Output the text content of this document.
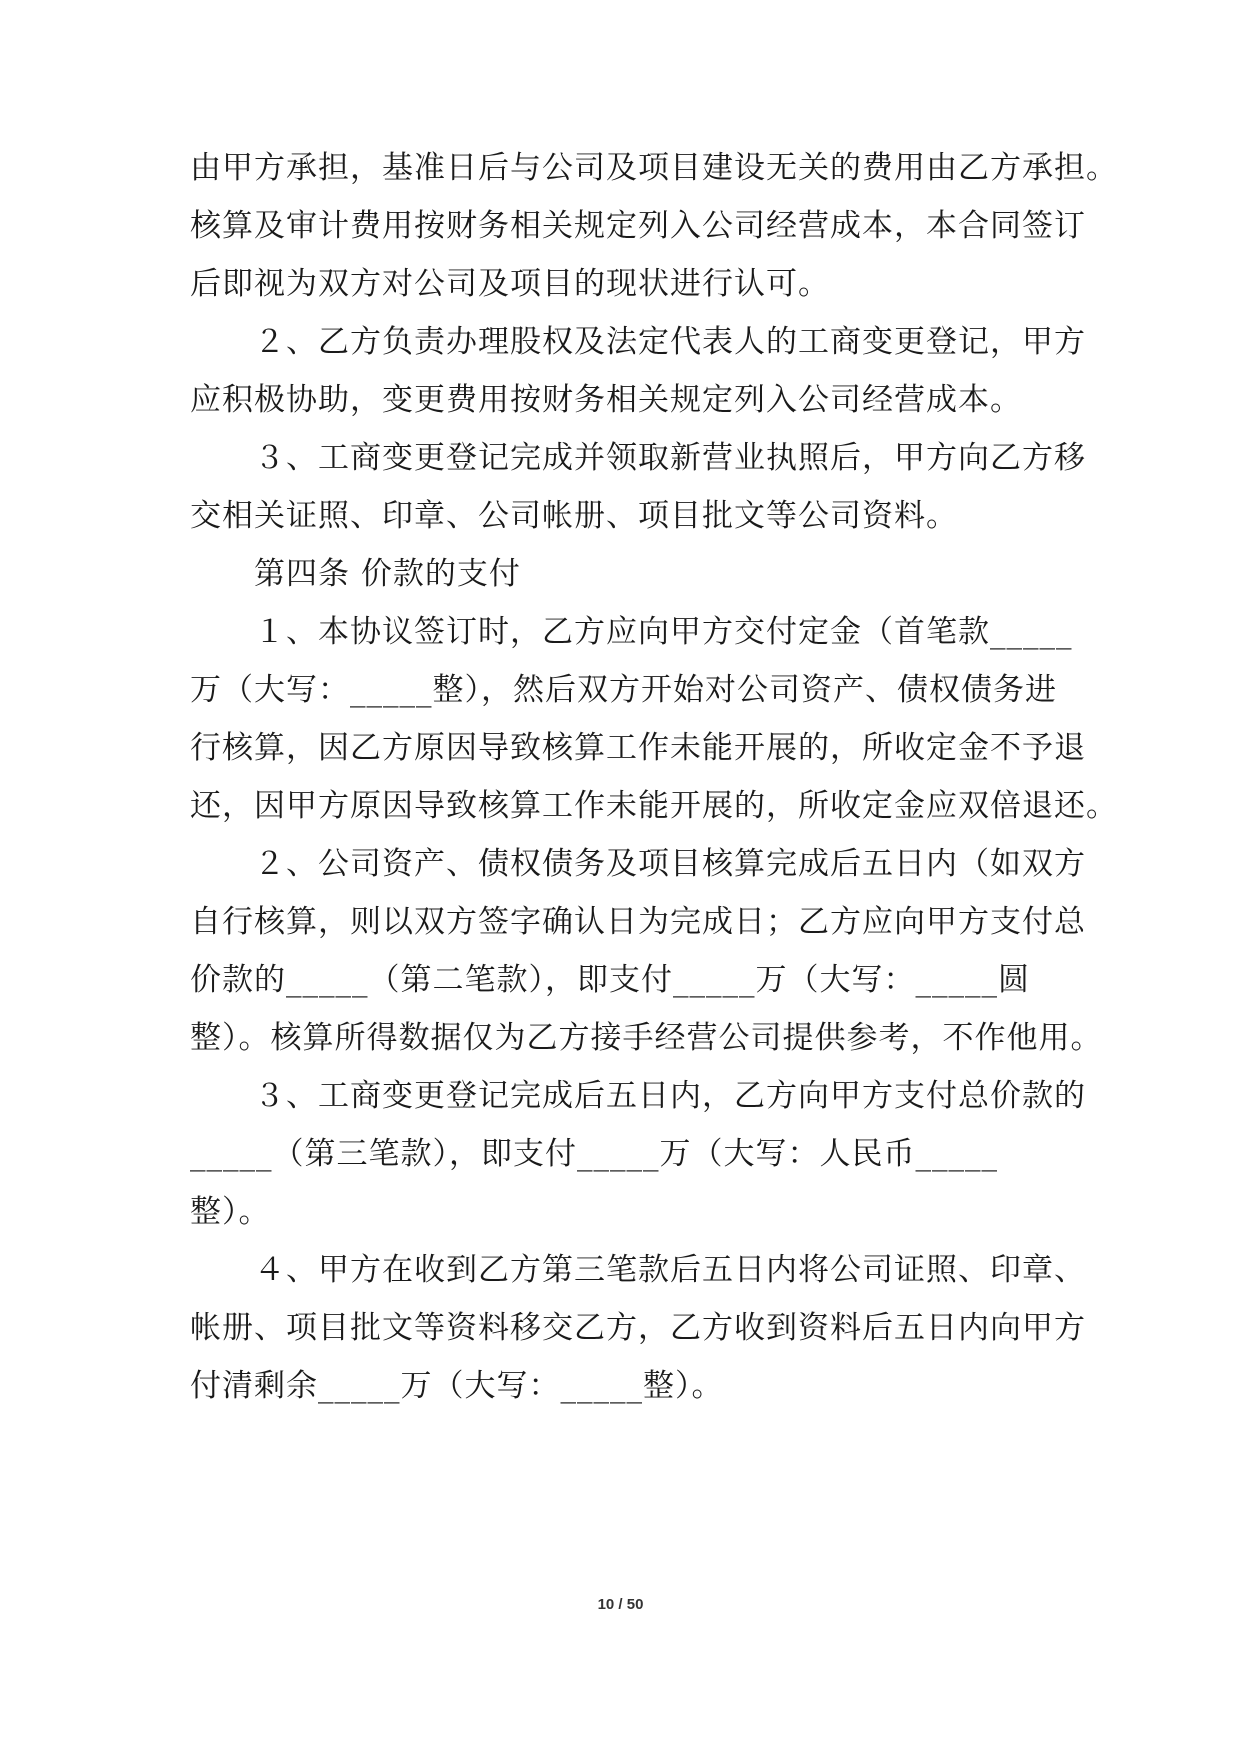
由甲方承担，基准日后与公司及项目建设无关的费用由乙方承担。
核算及审计费用按财务相关规定列入公司经营成本，本合同签订
后即视为双方对公司及项目的现状进行认可。
２、乙方负责办理股权及法定代表人的工商变更登记，甲方
应积极协助，变更费用按财务相关规定列入公司经营成本。
３、工商变更登记完成并领取新营业执照后，甲方向乙方移
交相关证照、印章、公司帐册、项目批文等公司资料。
第四条 价款的支付
１、本协议签订时，乙方应向甲方交付定金（首笔款_____
万（大写：_____整），然后双方开始对公司资产、债权债务进
行核算，因乙方原因导致核算工作未能开展的，所收定金不予退
还，因甲方原因导致核算工作未能开展的，所收定金应双倍退还。
２、公司资产、债权债务及项目核算完成后五日内（如双方
自行核算，则以双方签字确认日为完成日；乙方应向甲方支付总
价款的_____（第二笔款），即支付_____万（大写：_____圆
整）。核算所得数据仅为乙方接手经营公司提供参考，不作他用。
３、工商变更登记完成后五日内，乙方向甲方支付总价款的
_____（第三笔款），即支付_____万（大写：人民币_____
整）。
４、甲方在收到乙方第三笔款后五日内将公司证照、印章、
帐册、项目批文等资料移交乙方，乙方收到资料后五日内向甲方
付清剩余_____万（大写：_____整）。
10 / 50
